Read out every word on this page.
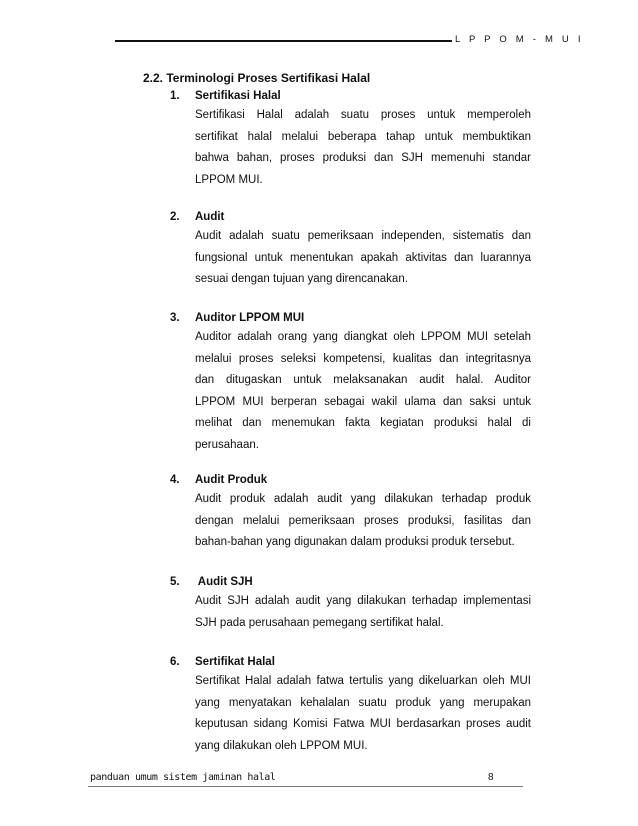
L P P O M - M U I
2.2. Terminologi Proses Sertifikasi Halal
1. Sertifikasi Halal
Sertifikasi Halal adalah suatu proses untuk memperoleh
sertifikat halal melalui beberapa tahap untuk membuktikan
bahwa bahan, proses produksi dan SJH memenuhi standar
LPPOM MUI.
2. Audit
Audit adalah suatu pemeriksaan independen, sistematis dan
fungsional untuk menentukan apakah aktivitas dan luarannya
sesuai dengan tujuan yang direncanakan.
3. Auditor LPPOM MUI
Auditor adalah orang yang diangkat oleh LPPOM MUI setelah
melalui proses seleksi kompetensi, kualitas dan integritasnya
dan ditugaskan untuk melaksanakan audit halal. Auditor
LPPOM MUI berperan sebagai wakil ulama dan saksi untuk
melihat dan menemukan fakta kegiatan produksi halal di
perusahaan.
4. Audit Produk
Audit produk adalah audit yang dilakukan terhadap produk
dengan melalui pemeriksaan proses produksi, fasilitas dan
bahan-bahan yang digunakan dalam produksi produk tersebut.
5. Audit SJH
Audit SJH adalah audit yang dilakukan terhadap implementasi
SJH pada perusahaan pemegang sertifikat halal.
6. Sertifikat Halal
Sertifikat Halal adalah fatwa tertulis yang dikeluarkan oleh MUI
yang menyatakan kehalalan suatu produk yang merupakan
keputusan sidang Komisi Fatwa MUI berdasarkan proses audit
yang dilakukan oleh LPPOM MUI.
panduan umum sistem jaminan halal	8
